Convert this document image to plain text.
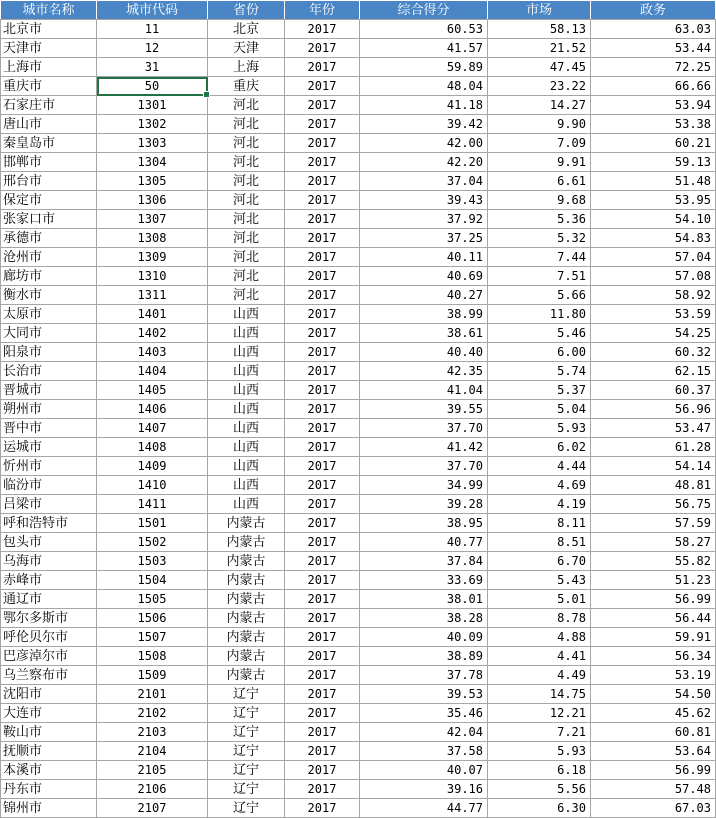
城市名称	城市代码	省份	年份	综合得分	市场	政务
北京市	11	北京	2017	60.53	58.13	63.03
天津市	12	天津	2017	41.57	21.52	53.44
上海市	31	上海	2017	59.89	47.45	72.25
重庆市	50	重庆	2017	48.04	23.22	66.66
石家庄市	1301	河北	2017	41.18	14.27	53.94
唐山市	1302	河北	2017	39.42	9.90	53.38
秦皇岛市	1303	河北	2017	42.00	7.09	60.21
邯郸市	1304	河北	2017	42.20	9.91	59.13
邢台市	1305	河北	2017	37.04	6.61	51.48
保定市	1306	河北	2017	39.43	9.68	53.95
张家口市	1307	河北	2017	37.92	5.36	54.10
承德市	1308	河北	2017	37.25	5.32	54.83
沧州市	1309	河北	2017	40.11	7.44	57.04
廊坊市	1310	河北	2017	40.69	7.51	57.08
衡水市	1311	河北	2017	40.27	5.66	58.92
太原市	1401	山西	2017	38.99	11.80	53.59
大同市	1402	山西	2017	38.61	5.46	54.25
阳泉市	1403	山西	2017	40.40	6.00	60.32
长治市	1404	山西	2017	42.35	5.74	62.15
晋城市	1405	山西	2017	41.04	5.37	60.37
朔州市	1406	山西	2017	39.55	5.04	56.96
晋中市	1407	山西	2017	37.70	5.93	53.47
运城市	1408	山西	2017	41.42	6.02	61.28
忻州市	1409	山西	2017	37.70	4.44	54.14
临汾市	1410	山西	2017	34.99	4.69	48.81
吕梁市	1411	山西	2017	39.28	4.19	56.75
呼和浩特市	1501	内蒙古	2017	38.95	8.11	57.59
包头市	1502	内蒙古	2017	40.77	8.51	58.27
乌海市	1503	内蒙古	2017	37.84	6.70	55.82
赤峰市	1504	内蒙古	2017	33.69	5.43	51.23
通辽市	1505	内蒙古	2017	38.01	5.01	56.99
鄂尔多斯市	1506	内蒙古	2017	38.28	8.78	56.44
呼伦贝尔市	1507	内蒙古	2017	40.09	4.88	59.91
巴彦淖尔市	1508	内蒙古	2017	38.89	4.41	56.34
乌兰察布市	1509	内蒙古	2017	37.78	4.49	53.19
沈阳市	2101	辽宁	2017	39.53	14.75	54.50
大连市	2102	辽宁	2017	35.46	12.21	45.62
鞍山市	2103	辽宁	2017	42.04	7.21	60.81
抚顺市	2104	辽宁	2017	37.58	5.93	53.64
本溪市	2105	辽宁	2017	40.07	6.18	56.99
丹东市	2106	辽宁	2017	39.16	5.56	57.48
锦州市	2107	辽宁	2017	44.77	6.30	67.03
